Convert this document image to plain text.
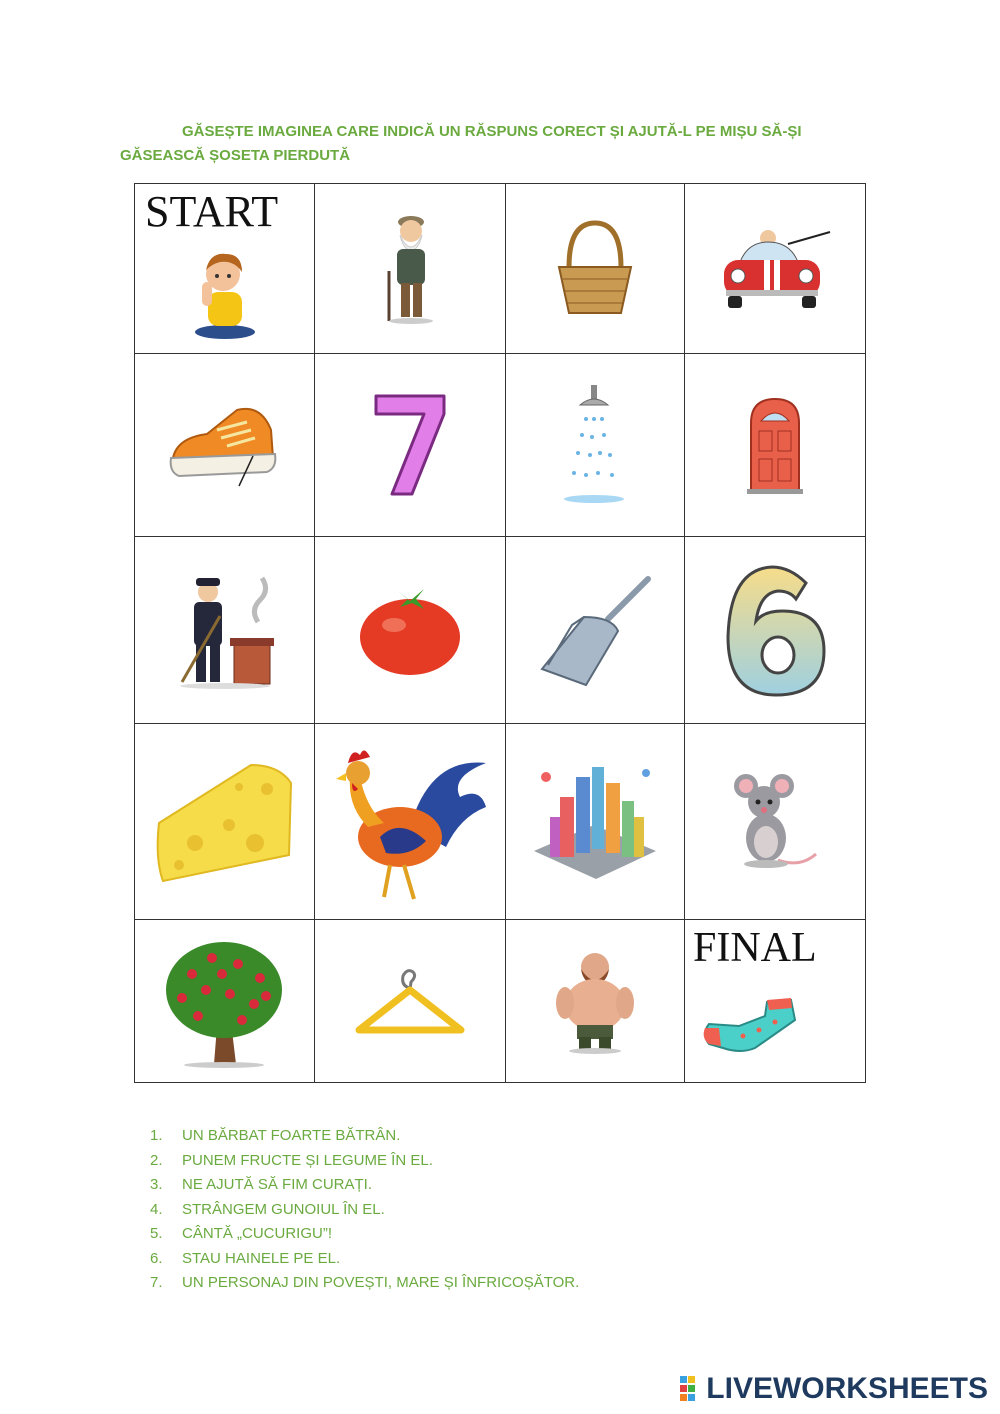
GĂSEȘTE IMAGINEA CARE INDICĂ UN RĂSPUNS CORECT ȘI AJUTĂ-L PE MIȘU SĂ-ȘI
GĂSEASCĂ ȘOSETA PIERDUTĂ
START

FINAL
1. UN BĂRBAT FOARTE BĂTRÂN.
2. PUNEM FRUCTE ȘI LEGUME ÎN EL.
3. NE AJUTĂ SĂ FIM CURAȚI.
4. STRÂNGEM GUNOIUL ÎN EL.
5. CÂNTĂ „CUCURIGU”!
6. STAU HAINELE PE EL.
7. UN PERSONAJ DIN POVEȘTI, MARE ȘI ÎNFRICOȘĂTOR.
LIVEWORKSHEETS
